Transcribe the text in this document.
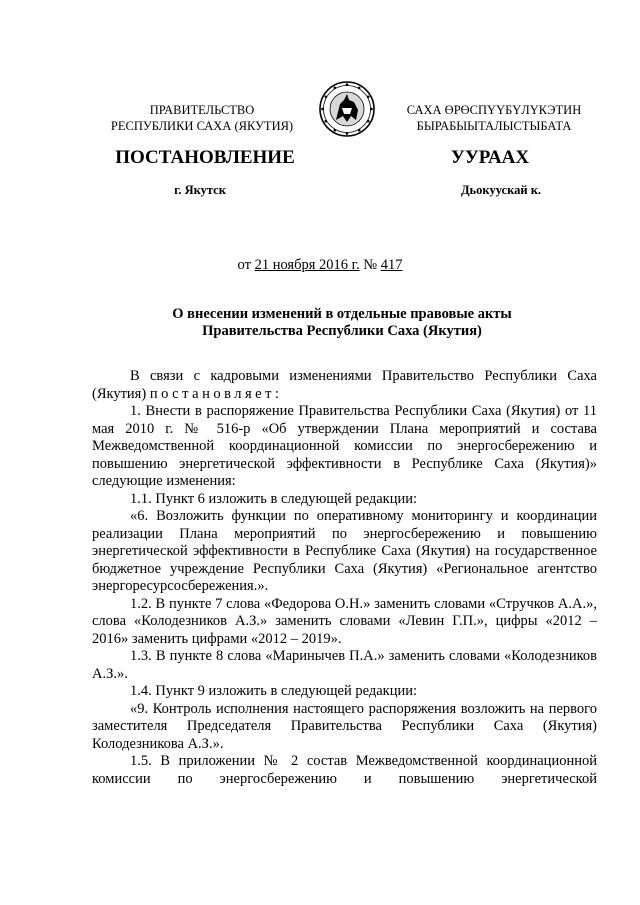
ПРАВИТЕЛЬСТВО
РЕСПУБЛИКИ САХА (ЯКУТИЯ)
САХА ӨРӨСПҮҮБҮЛҮКЭТИН
БЫРАБЫЫТАЛЫСТЫБАТА
ПОСТАНОВЛЕНИЕ	УУРААХ
г. Якутск	Дьокуускай к.
от 21 ноября 2016 г. № 417
О внесении изменений в отдельные правовые акты
Правительства Республики Саха (Якутия)

В связи с кадровыми изменениями Правительство Республики Саха (Якутия) постановляет:

1. Внести в распоряжение Правительства Республики Саха (Якутия) от 11 мая 2010 г. № 516-р «Об утверждении Плана мероприятий и состава Межведомственной координационной комиссии по энергосбережению и повышению энергетической эффективности в Республике Саха (Якутия)» следующие изменения:

1.1. Пункт 6 изложить в следующей редакции:

«6. Возложить функции по оперативному мониторингу и координации реализации Плана мероприятий по энергосбережению и повышению энергетической эффективности в Республике Саха (Якутия) на государственное бюджетное учреждение Республики Саха (Якутия) «Региональное агентство энергоресурсосбережения.».

1.2. В пункте 7 слова «Федорова О.Н.» заменить словами «Стручков А.А.», слова «Колодезников А.З.» заменить словами «Левин Г.П.», цифры «2012 – 2016» заменить цифрами «2012 – 2019».

1.3. В пункте 8 слова «Маринычев П.А.» заменить словами «Колодезников А.З.».

1.4. Пункт 9 изложить в следующей редакции:

«9. Контроль исполнения настоящего распоряжения возложить на первого заместителя Председателя Правительства Республики Саха (Якутия) Колодезникова А.З.».

1.5. В приложении № 2 состав Межведомственной координационной комиссии по энергосбережению и повышению энергетической
